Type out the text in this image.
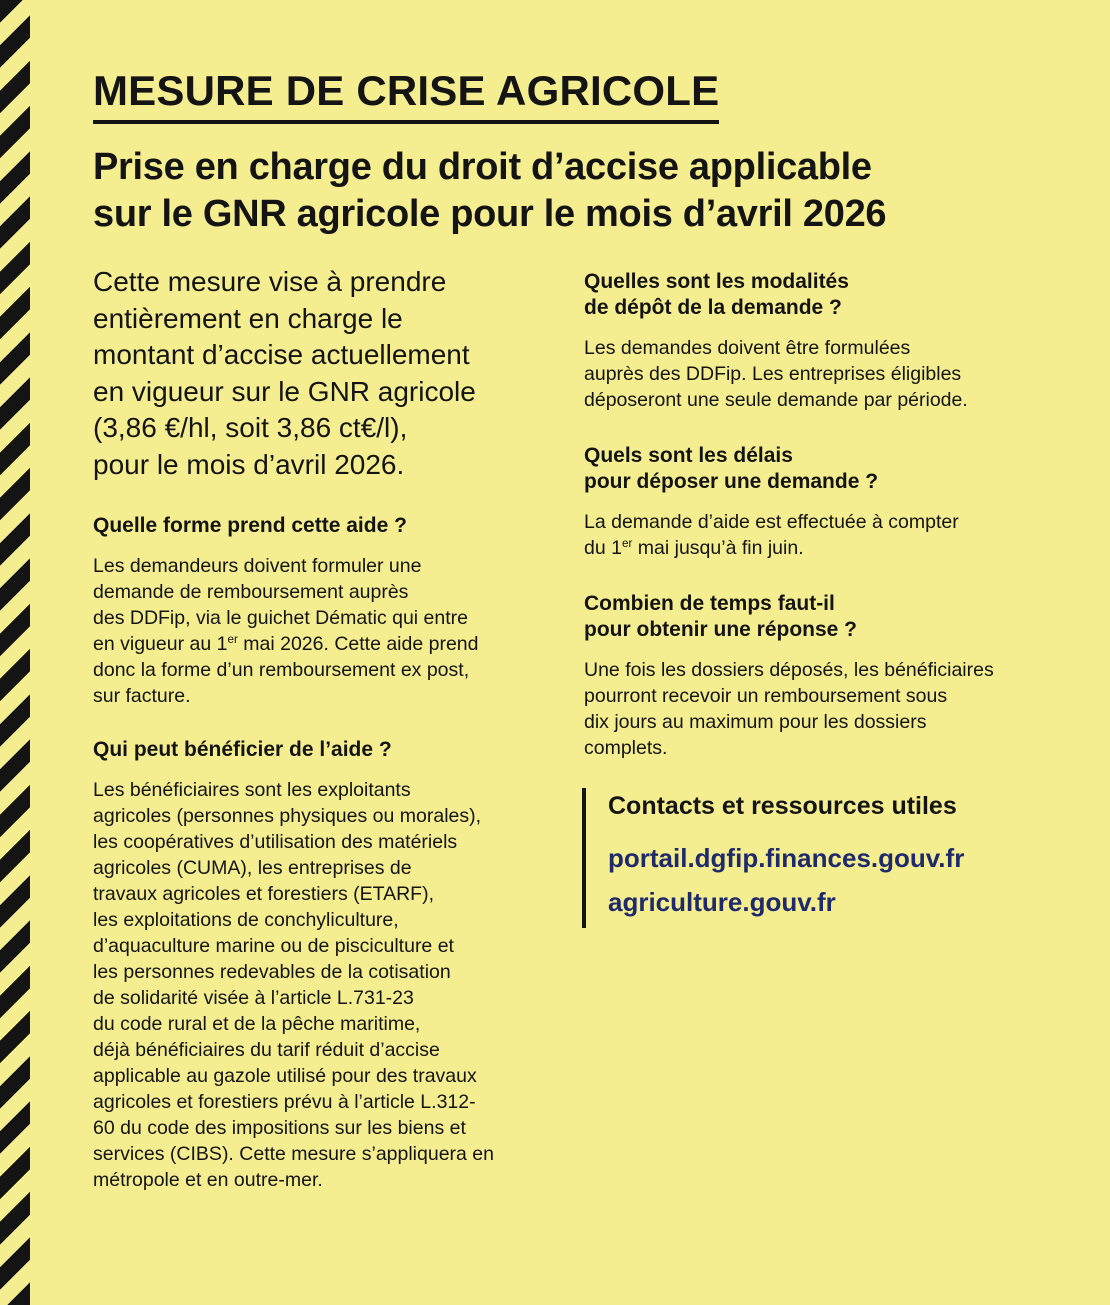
MESURE DE CRISE AGRICOLE
Prise en charge du droit d’accise applicable
sur le GNR agricole pour le mois d’avril 2026

Cette mesure vise à prendre
entièrement en charge le
montant d’accise actuellement
en vigueur sur le GNR agricole
(3,86 €/hl, soit 3,86 ct€/l),
pour le mois d’avril 2026.

Quelle forme prend cette aide ?

Les demandeurs doivent formuler une
demande de remboursement auprès
des DDFip, via le guichet Dématic qui entre
en vigueur au 1er mai 2026. Cette aide prend
donc la forme d’un remboursement ex post,
sur facture.

Qui peut bénéficier de l’aide ?

Les bénéficiaires sont les exploitants
agricoles (personnes physiques ou morales),
les coopératives d’utilisation des matériels
agricoles (CUMA), les entreprises de
travaux agricoles et forestiers (ETARF),
les exploitations de conchyliculture,
d’aquaculture marine ou de pisciculture et
les personnes redevables de la cotisation
de solidarité visée à l’article L.731-23
du code rural et de la pêche maritime,
déjà bénéficiaires du tarif réduit d’accise
applicable au gazole utilisé pour des travaux
agricoles et forestiers prévu à l’article L.312-
60 du code des impositions sur les biens et
services (CIBS). Cette mesure s’appliquera en
métropole et en outre-mer.

Quelles sont les modalités
de dépôt de la demande ?

Les demandes doivent être formulées
auprès des DDFip. Les entreprises éligibles
déposeront une seule demande par période.

Quels sont les délais
pour déposer une demande ?

La demande d’aide est effectuée à compter
du 1er mai jusqu’à fin juin.

Combien de temps faut-il
pour obtenir une réponse ?

Une fois les dossiers déposés, les bénéficiaires
pourront recevoir un remboursement sous
dix jours au maximum pour les dossiers
complets.

Contacts et ressources utiles
portail.dgfip.finances.gouv.fr
agriculture.gouv.fr
